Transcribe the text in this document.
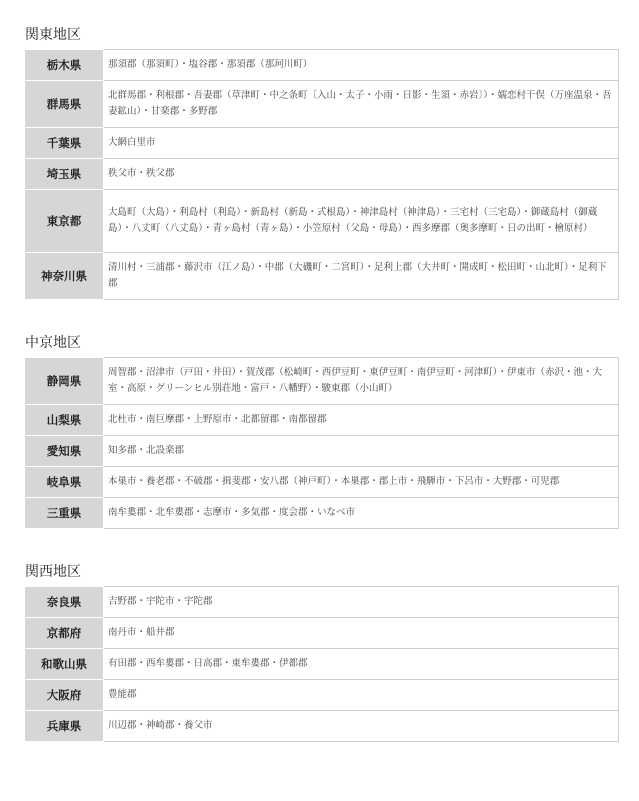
関東地区
栃木県	那須郡（那須町）・塩谷郡・那須郡（那珂川町）
群馬県	北群馬郡・利根郡・吾妻郡（草津町・中之条町〔入山・太子・小雨・日影・生須・赤岩〕）・嬬恋村干俣（万座温泉・吾妻鉱山）・甘楽郡・多野郡
千葉県	大網白里市
埼玉県	秩父市・秩父郡
東京都	大島町（大島）・利島村（利島）・新島村（新島・式根島）・神津島村（神津島）・三宅村（三宅島）・御蔵島村（御蔵島）・八丈町（八丈島）・青ヶ島村（青ヶ島）・小笠原村（父島・母島）・西多摩郡（奥多摩町・日の出町・檜原村）
神奈川県	清川村・三浦郡・藤沢市（江ノ島）・中郡（大磯町・二宮町）・足利上郡（大井町・開成町・松田町・山北町）・足利下郡
中京地区
静岡県	周智郡・沼津市（戸田・井田）・賀茂郡（松崎町・西伊豆町・東伊豆町・南伊豆町・河津町）・伊東市（赤沢・池・大室・高原・グリーンヒル別荘地・富戸・八幡野）・駿東郡（小山町）
山梨県	北杜市・南巨摩郡・上野原市・北都留郡・南都留郡
愛知県	知多郡・北設楽郡
岐阜県	本巣市・養老郡・不破郡・揖斐郡・安八郡（神戸町）・本巣郡・郡上市・飛騨市・下呂市・大野郡・可児郡
三重県	南牟婁郡・北牟婁郡・志摩市・多気郡・度会郡・いなべ市
関西地区
奈良県	吉野郡・宇陀市・宇陀郡
京都府	南丹市・船井郡
和歌山県	有田郡・西牟婁郡・日高郡・東牟婁郡・伊都郡
大阪府	豊能郡
兵庫県	川辺郡・神崎郡・養父市
